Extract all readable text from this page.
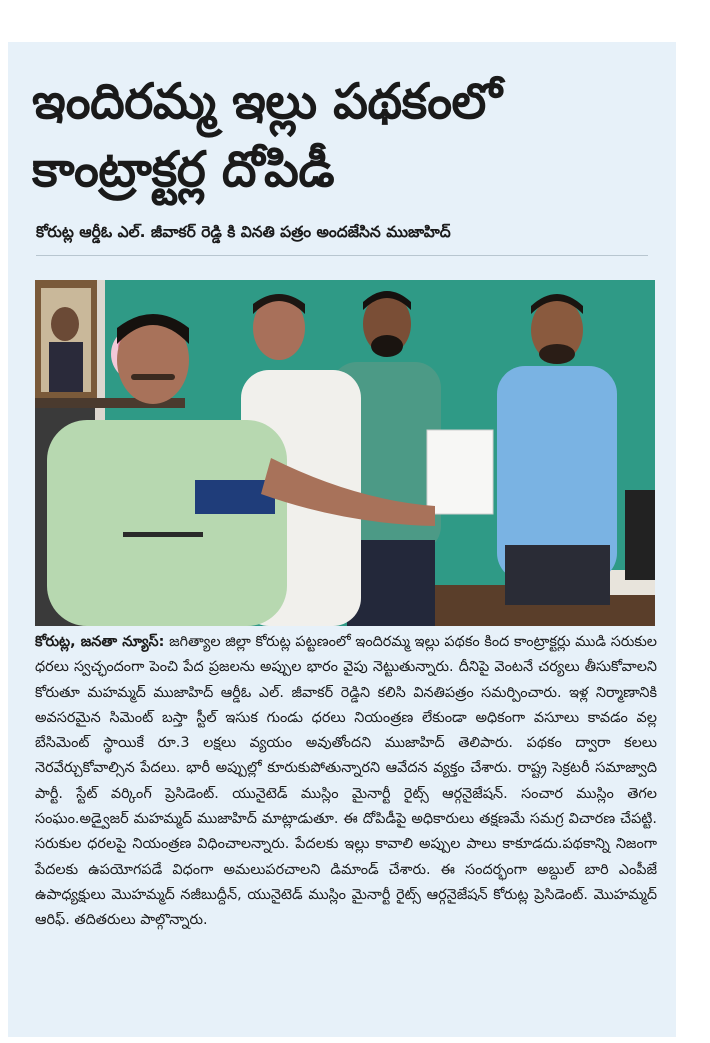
ఇందిరమ్మ ఇల్లు పథకంలో
కాంట్రాక్టర్ల దోపిడీ

కోరుట్ల ఆర్డీఓ ఎల్. జీవాకర్ రెడ్డి కి వినతి పత్రం అందజేసిన ముజాహిద్

కోరుట్ల, జనతా న్యూస్: జగిత్యాల జిల్లా కోరుట్ల పట్టణంలో ఇందిరమ్మ ఇల్లు పథకం కింద కాంట్రాక్టర్లు ముడి సరుకుల ధరలు స్వచ్ఛందంగా పెంచి పేద ప్రజలను అప్పుల భారం వైపు నెట్టుతున్నారు. దీనిపై వెంటనే చర్యలు తీసుకోవాలని కోరుతూ మహమ్మద్ ముజాహిద్ ఆర్డీఓ ఎల్. జీవాకర్ రెడ్డిని కలిసి వినతిపత్రం సమర్పించారు. ఇళ్ల నిర్మాణానికి అవసరమైన సిమెంట్ బస్తా స్టీల్ ఇసుక గుండు ధరలు నియంత్రణ లేకుండా అధికంగా వసూలు కావడం వల్ల బేసిమెంట్ స్థాయికే రూ.3 లక్షలు వ్యయం అవుతోందని ముజాహిద్ తెలిపారు. పథకం ద్వారా కలలు నెరవేర్చుకోవాల్సిన పేదలు. భారీ అప్పుల్లో కూరుకుపోతున్నారని ఆవేదన వ్యక్తం చేశారు. రాష్ట్ర సెక్రటరీ సమాజ్వాది పార్టీ. స్టేట్ వర్కింగ్ ప్రెసిడెంట్. యునైటెడ్ ముస్లిం మైనార్టీ రైట్స్ ఆర్గనైజేషన్. సంచార ముస్లిం తెగల సంఘం.అడ్వైజర్ మహమ్మద్ ముజాహిద్ మాట్లాడుతూ. ఈ దోపిడీపై అధికారులు తక్షణమే సమగ్ర విచారణ చేపట్టి. సరుకుల ధరలపై నియంత్రణ విధించాలన్నారు. పేదలకు ఇల్లు కావాలి అప్పుల పాలు కాకూడదు.పథకాన్ని నిజంగా పేదలకు ఉపయోగపడే విధంగా అమలుపరచాలని డిమాండ్ చేశారు. ఈ సందర్భంగా అబ్దుల్ బారి ఎంపీజే ఉపాధ్యక్షులు మొహమ్మద్ నజీబుద్దీన్, యునైటెడ్ ముస్లిం మైనార్టీ రైట్స్ ఆర్గనైజేషన్ కోరుట్ల ప్రెసిడెంట్. మొహమ్మద్ ఆరిఫ్. తదితరులు పాల్గొన్నారు.
